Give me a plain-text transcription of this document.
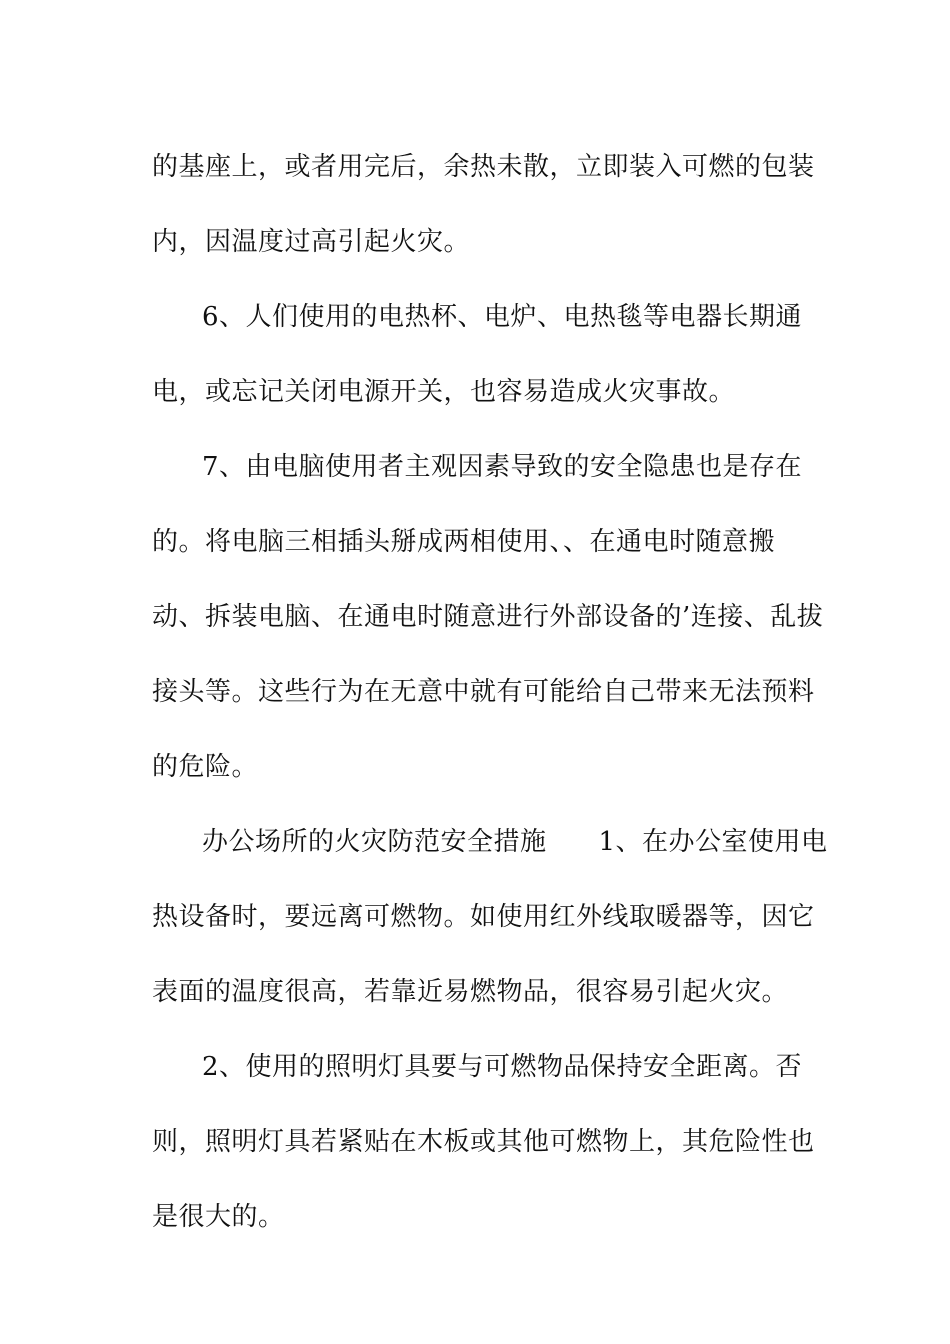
的基座上，或者用完后，余热未散，立即装入可燃的包装
内，因温度过高引起火灾。
6、人们使用的电热杯、电炉、电热毯等电器长期通
电，或忘记关闭电源开关，也容易造成火灾事故。
7、由电脑使用者主观因素导致的安全隐患也是存在
的。将电脑三相插头掰成两相使用、、在通电时随意搬
动、拆装电脑、在通电时随意进行外部设备的’连接、乱拔
接头等。这些行为在无意中就有可能给自己带来无法预料
的危险。
办公场所的火灾防范安全措施 1、在办公室使用电
热设备时，要远离可燃物。如使用红外线取暖器等，因它
表面的温度很高，若靠近易燃物品，很容易引起火灾。
2、使用的照明灯具要与可燃物品保持安全距离。否
则，照明灯具若紧贴在木板或其他可燃物上，其危险性也
是很大的。
